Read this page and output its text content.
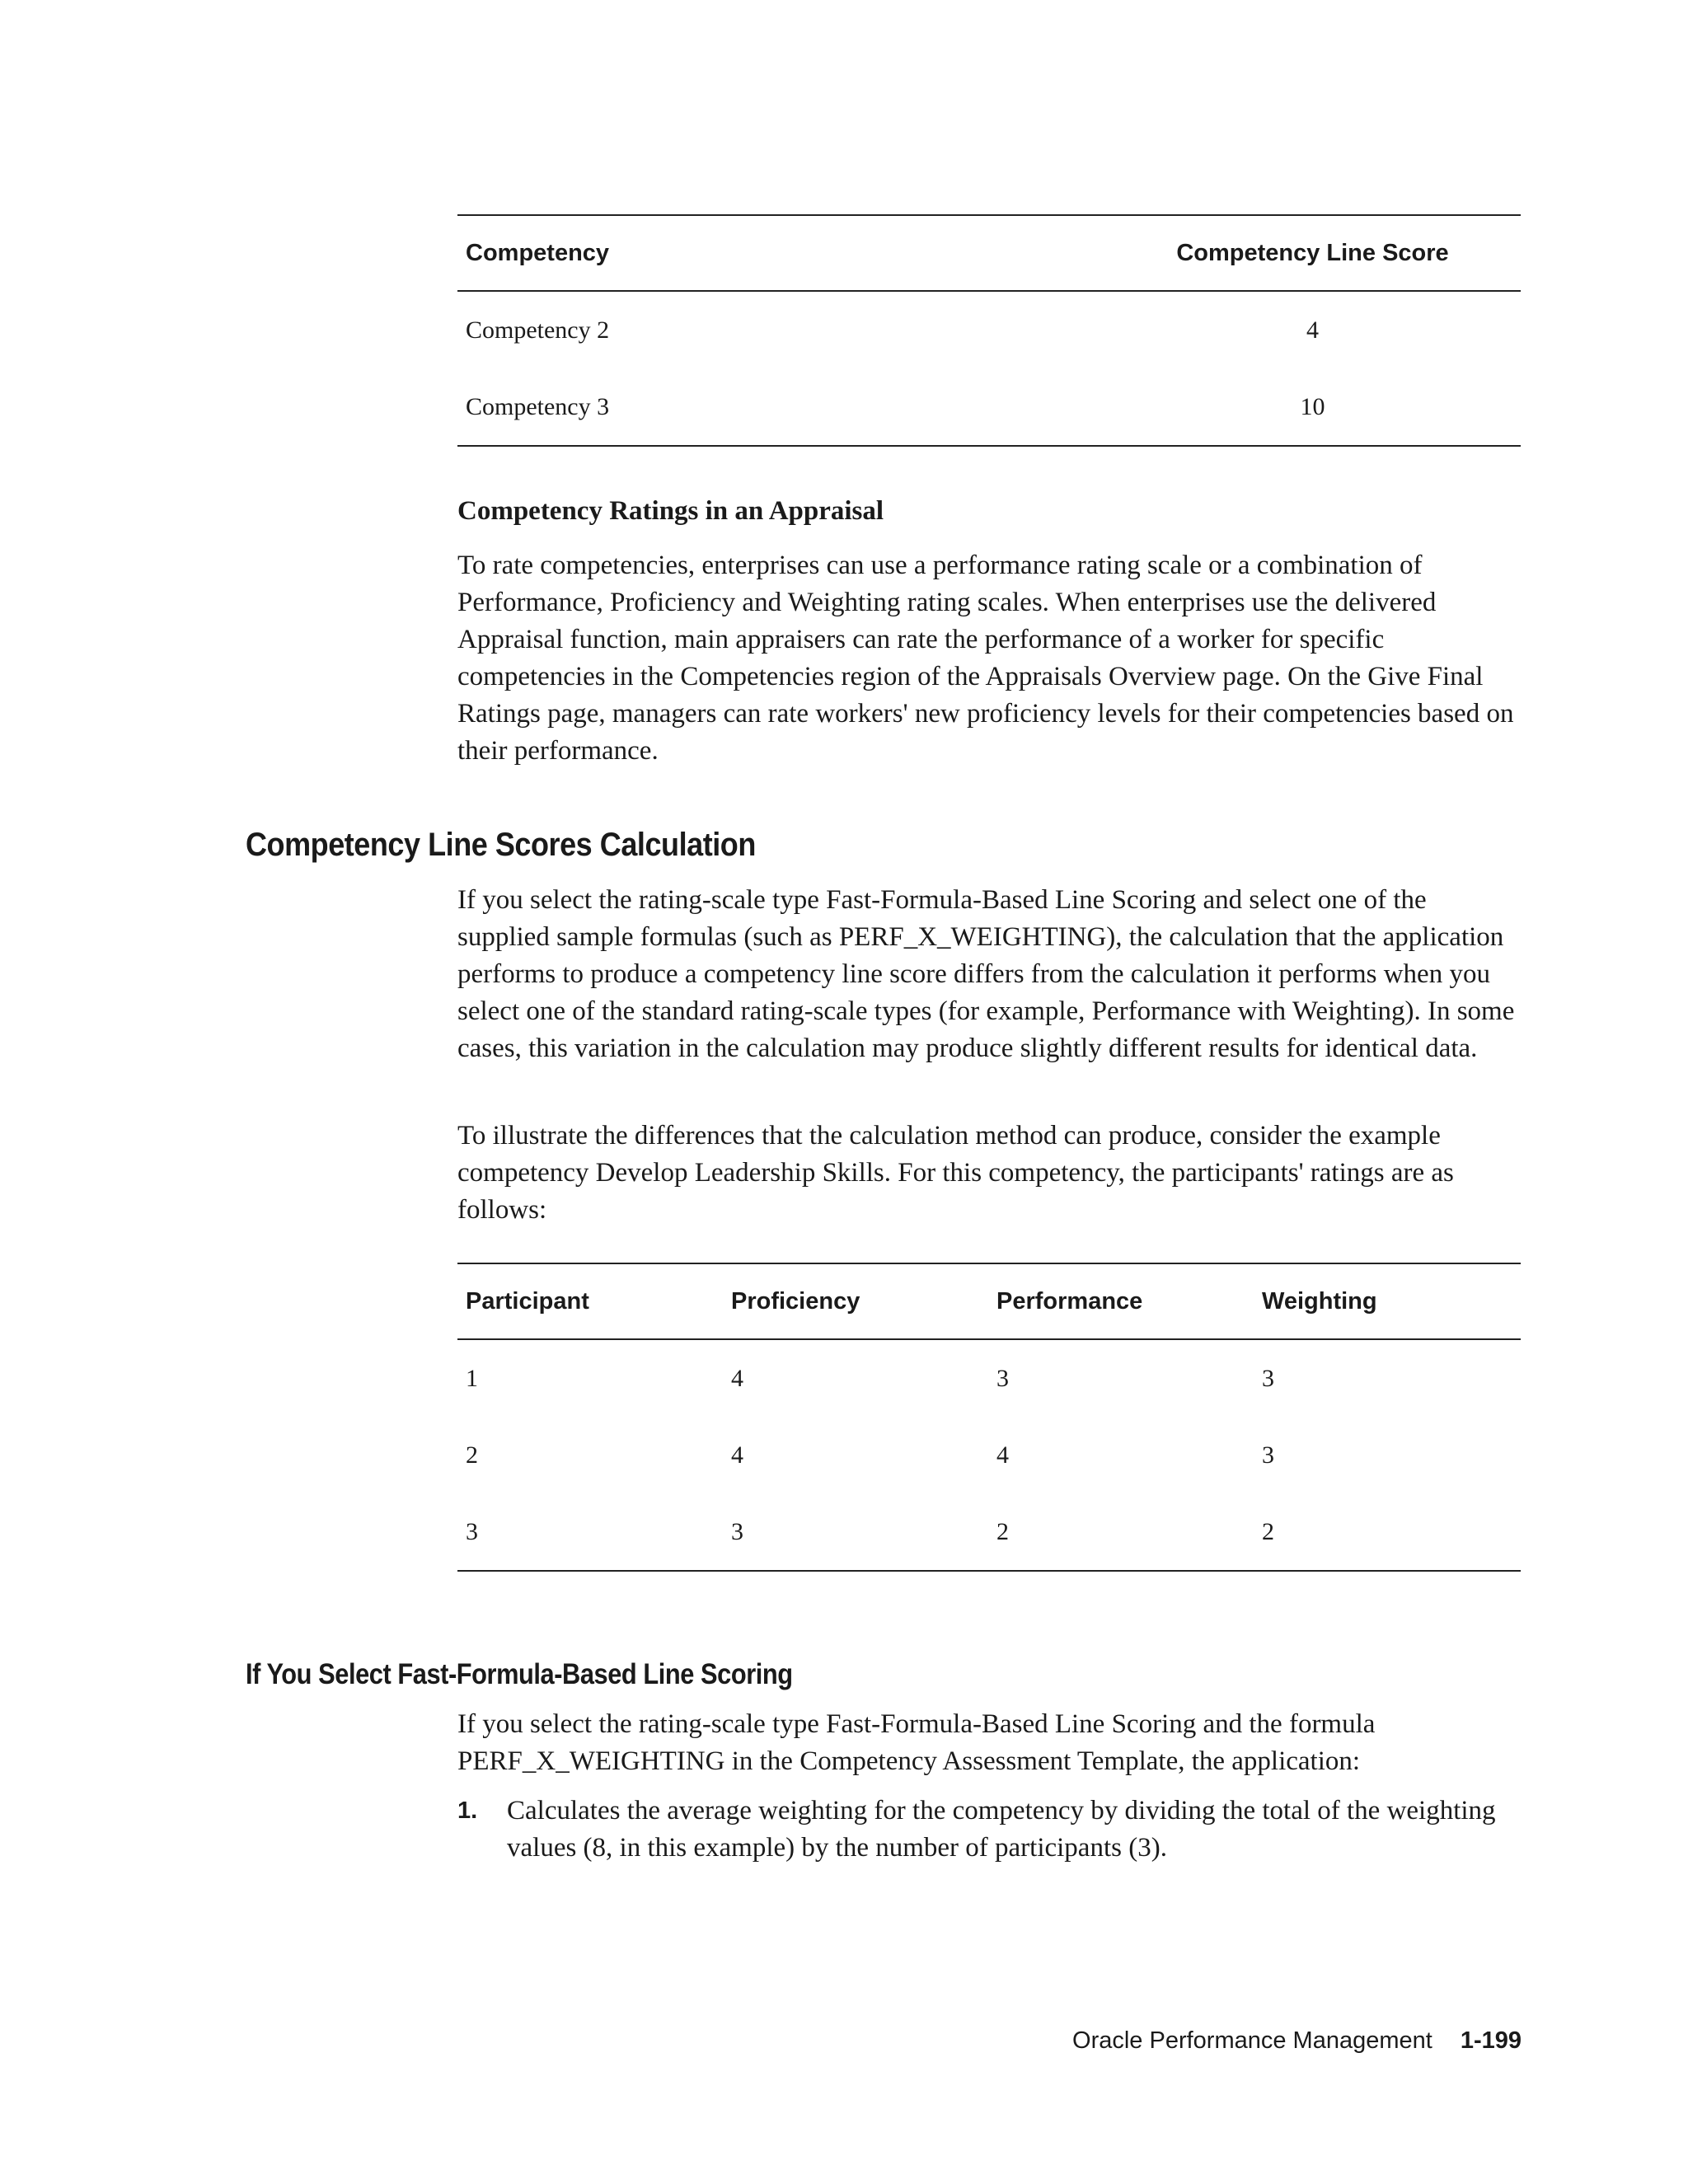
Competency	Competency Line Score
Competency 2	4
Competency 3	10
Competency Ratings in an Appraisal

To rate competencies, enterprises can use a performance rating scale or a combination of Performance, Proficiency and Weighting rating scales. When enterprises use the delivered Appraisal function, main appraisers can rate the performance of a worker for specific competencies in the Competencies region of the Appraisals Overview page. On the Give Final Ratings page, managers can rate workers' new proficiency levels for their competencies based on their performance.

Competency Line Scores Calculation

If you select the rating-scale type Fast-Formula-Based Line Scoring and select one of the supplied sample formulas (such as PERF_X_WEIGHTING), the calculation that the application performs to produce a competency line score differs from the calculation it performs when you select one of the standard rating-scale types (for example, Performance with Weighting). In some cases, this variation in the calculation may produce slightly different results for identical data.

To illustrate the differences that the calculation method can produce, consider the example competency Develop Leadership Skills. For this competency, the participants' ratings are as follows:

Participant	Proficiency	Performance	Weighting
1	4	3	3
2	4	4	3
3	3	2	2
If You Select Fast-Formula-Based Line Scoring

If you select the rating-scale type Fast-Formula-Based Line Scoring and the formula PERF_X_WEIGHTING in the Competency Assessment Template, the application:

1.	Calculates the average weighting for the competency by dividing the total of the weighting values (8, in this example) by the number of participants (3).
Oracle Performance Management 1-199
